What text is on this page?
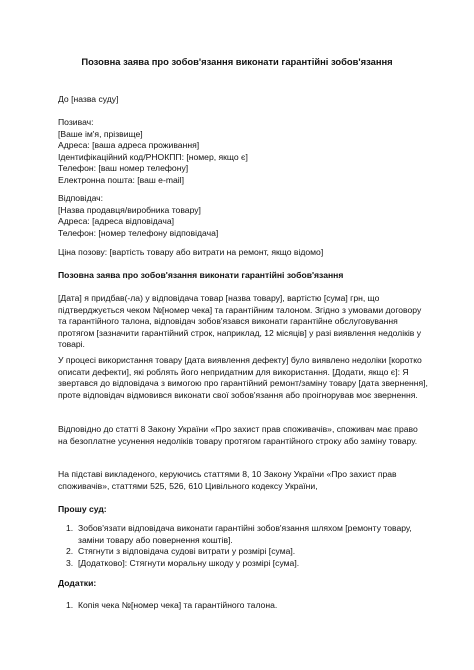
Позовна заява про зобов'язання виконати гарантійні зобов'язання

До [назва суду]

Позивач:

[Ваше ім'я, прізвище]

Адреса: [ваша адреса проживання]

Ідентифікаційний код/РНОКПП: [номер, якщо є]

Телефон: [ваш номер телефону]

Електронна пошта: [ваш e-mail]

Відповідач:

[Назва продавця/виробника товару]

Адреса: [адреса відповідача]

Телефон: [номер телефону відповідача]

Ціна позову: [вартість товару або витрати на ремонт, якщо відомо]

Позовна заява про зобов'язання виконати гарантійні зобов'язання

[Дата] я придбав(-ла) у відповідача товар [назва товару], вартістю [сума] грн, що підтверджується чеком №[номер чека] та гарантійним талоном. Згідно з умовами договору та гарантійного талона, відповідач зобов'язався виконати гарантійне обслуговування протягом [зазначити гарантійний строк, наприклад, 12 місяців] у разі виявлення недоліків у товарі.

У процесі використання товару [дата виявлення дефекту] було виявлено недоліки [коротко описати дефекти], які роблять його непридатним для використання. [Додати, якщо є]: Я звертався до відповідача з вимогою про гарантійний ремонт/заміну товару [дата звернення], проте відповідач відмовився виконати свої зобов'язання або проігнорував моє звернення.

Відповідно до статті 8 Закону України «Про захист прав споживачів», споживач має право на безоплатне усунення недоліків товару протягом гарантійного строку або заміну товару.

На підставі викладеного, керуючись статтями 8, 10 Закону України «Про захист прав споживачів», статтями 525, 526, 610 Цивільного кодексу України,

Прошу суд:

1. Зобов'язати відповідача виконати гарантійні зобов'язання шляхом [ремонту товару, заміни товару або повернення коштів].
2. Стягнути з відповідача судові витрати у розмірі [сума].
3. [Додатково]: Стягнути моральну шкоду у розмірі [сума].

Додатки:

1. Копія чека №[номер чека] та гарантійного талона.
